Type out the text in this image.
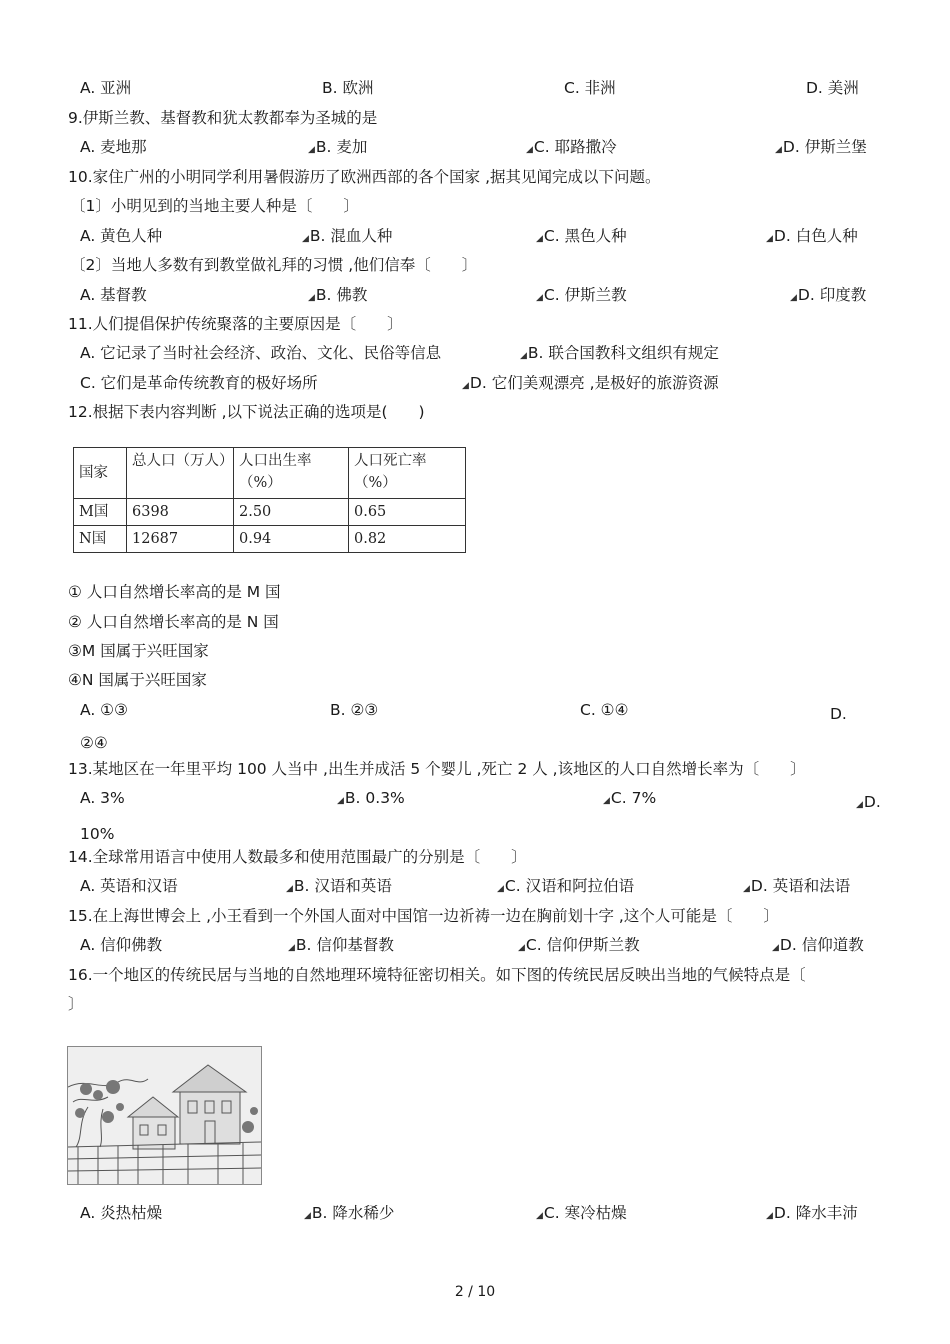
A. 亚洲	B. 欧洲	C. 非洲	D. 美洲
9.伊斯兰教、基督教和犹太教都奉为圣城的是
A. 麦地那	◢B. 麦加	◢C. 耶路撒冷	◢D. 伊斯兰堡
10.家住广州的小明同学利用暑假游历了欧洲西部的各个国家 ,据其见闻完成以下问题。
〔1〕小明见到的当地主要人种是〔　　〕
A. 黄色人种	◢B. 混血人种	◢C. 黑色人种	◢D. 白色人种
〔2〕当地人多数有到教堂做礼拜的习惯 ,他们信奉〔　　〕
A. 基督教	◢B. 佛教	◢C. 伊斯兰教	◢D. 印度教
11.人们提倡保护传统聚落的主要原因是〔　　〕
A. 它记录了当时社会经济、政治、文化、民俗等信息	◢B. 联合国教科文组织有规定
C. 它们是革命传统教育的极好场所	◢D. 它们美观漂亮 ,是极好的旅游资源
12.根据下表内容判断 ,以下说法正确的选项是(　　)
国家	总人口（万人）	人口出生率（%）	人口死亡率（%）
M国	6398	2.50	0.65
N国	12687	0.94	0.82
① 人口自然增长率高的是 M 国
② 人口自然增长率高的是 N 国
③M 国属于兴旺国家
④N 国属于兴旺国家
A. ①③	B. ②③	C. ①④	D. ②④
13.某地区在一年里平均 100 人当中 ,出生并成活 5 个婴儿 ,死亡 2 人 ,该地区的人口自然增长率为〔　　〕
A. 3%	◢B. 0.3%	◢C. 7%	◢D. 10%
14.全球常用语言中使用人数最多和使用范围最广的分别是〔　　〕
A. 英语和汉语	◢B. 汉语和英语	◢C. 汉语和阿拉伯语	◢D. 英语和法语
15.在上海世博会上 ,小王看到一个外国人面对中国馆一边祈祷一边在胸前划十字 ,这个人可能是〔　　〕
A. 信仰佛教	◢B. 信仰基督教	◢C. 信仰伊斯兰教	◢D. 信仰道教
16.一个地区的传统民居与当地的自然地理环境特征密切相关。如下图的传统民居反映出当地的气候特点是〔
〕
A. 炎热枯燥	◢B. 降水稀少	◢C. 寒冷枯燥	◢D. 降水丰沛
2 / 10
